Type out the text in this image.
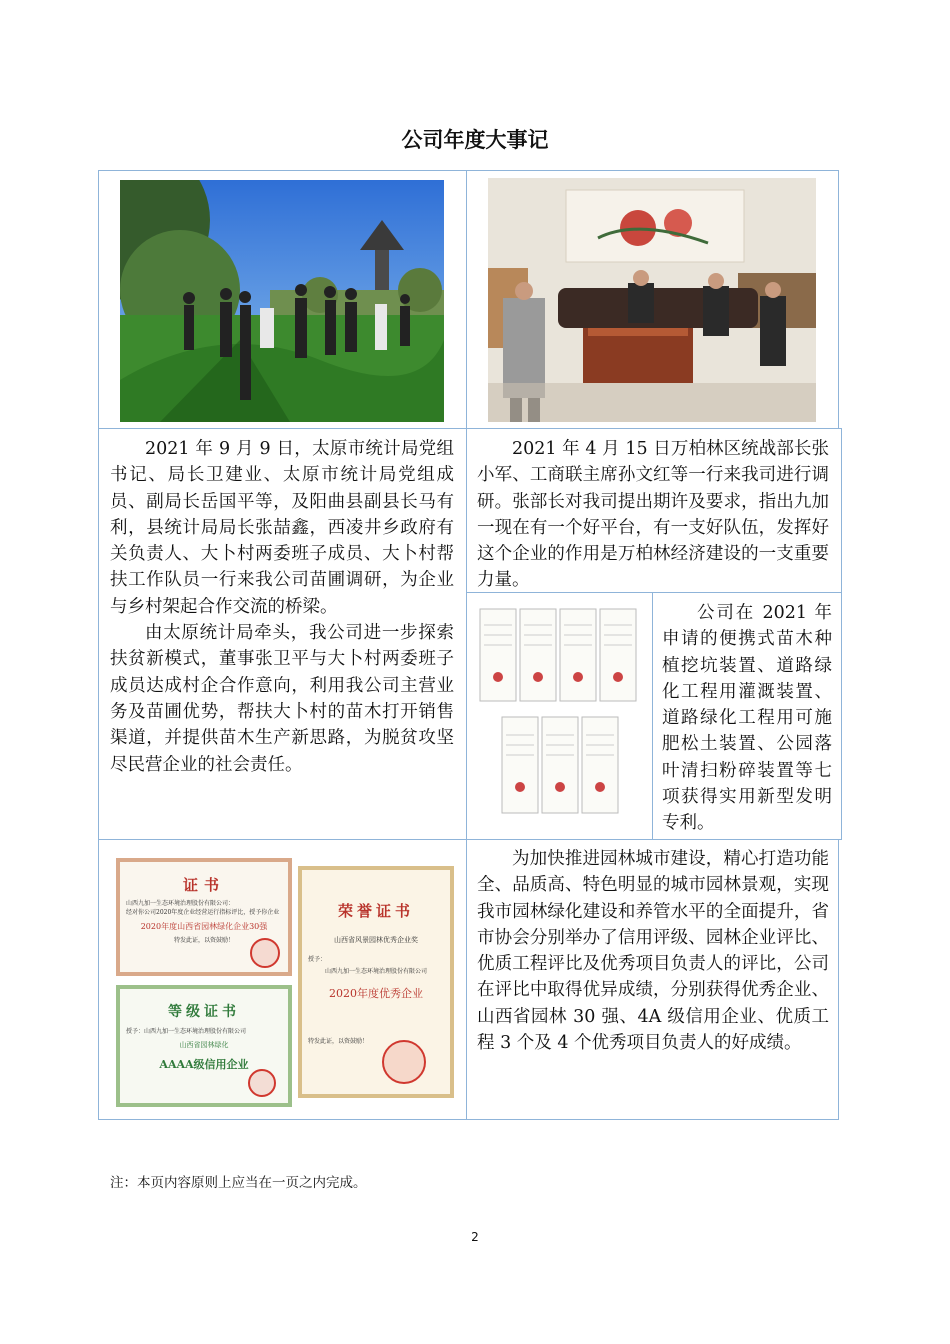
公司年度大事记

2021 年 9 月 9 日，太原市统计局党组书记、局长卫建业、太原市统计局党组成员、副局长岳国平等，及阳曲县副县长马有利，县统计局局长张喆鑫，西凌井乡政府有关负责人、大卜村两委班子成员、大卜村帮扶工作队员一行来我公司苗圃调研，为企业与乡村架起合作交流的桥梁。

由太原统计局牵头，我公司进一步探索扶贫新模式，董事张卫平与大卜村两委班子成员达成村企合作意向，利用我公司主营业务及苗圃优势，帮扶大卜村的苗木打开销售渠道，并提供苗木生产新思路，为脱贫攻坚尽民营企业的社会责任。

2021 年 4 月 15 日万柏林区统战部长张小军、工商联主席孙文红等一行来我司进行调研。张部长对我司提出期许及要求，指出九加一现在有一个好平台，有一支好队伍，发挥好这个企业的作用是万柏林经济建设的一支重要力量。

公司在 2021 年申请的便携式苗木种植挖坑装置、道路绿化工程用灌溉装置、道路绿化工程用可施肥松土装置、公园落叶清扫粉碎装置等七项获得实用新型发明专利。

证书
山西九加一生态环境治理股份有限公司：
经对你公司2020年度企业经营运行指标评比，授予你企业
2020年度山西省园林绿化企业30强
特发此证，以资鼓励！
等级证书
授予：山西九加一生态环境治理股份有限公司
山西省园林绿化
AAAA级信用企业
荣誉证书
山西省风景园林优秀企业奖
授予：
山西九加一生态环境治理股份有限公司
2020年度优秀企业
特发此证，以资鼓励！

为加快推进园林城市建设，精心打造功能全、品质高、特色明显的城市园林景观，实现我市园林绿化建设和养管水平的全面提升，省市协会分别举办了信用评级、园林企业评比、优质工程评比及优秀项目负责人的评比，公司在评比中取得优异成绩，分别获得优秀企业、山西省园林 30 强、4A 级信用企业、优质工程 3 个及 4 个优秀项目负责人的好成绩。

注：本页内容原则上应当在一页之内完成。
2
